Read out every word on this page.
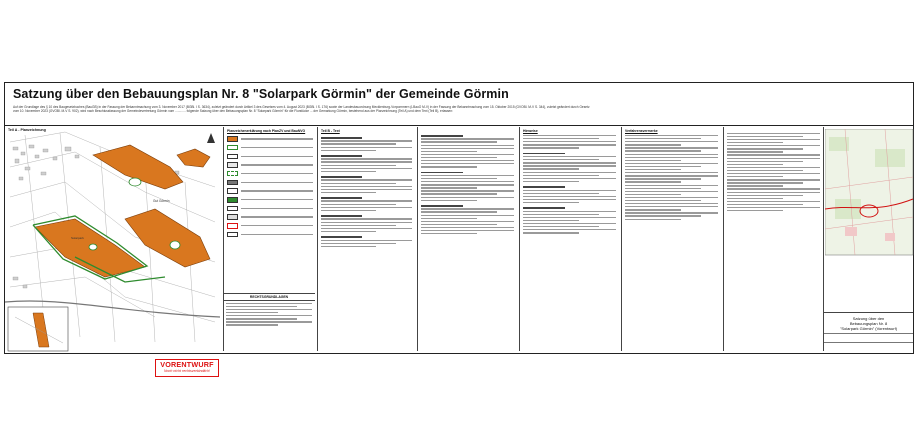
Satzung über den Bebauungsplan Nr. 8 "Solarpark Görmin" der Gemeinde Görmin
Auf der Grundlage des § 10 des Baugesetzbuches (BauGB) in der Fassung der Bekanntmachung vom 3. November 2017 (BGBl. I S. 3634), zuletzt geändert durch Artikel 3 des Gesetzes vom 4. August 2023 (BGBl. I S. 176) sowie der Landesbauordnung Mecklenburg-Vorpommern (LBauO M-V) in der Fassung der Bekanntmachung vom 15. Oktober 2015 (GVOBl. M-V S. 344), zuletzt geändert durch Gesetz vom 10. November 2023 (GVOBl. M-V S. 902), wird nach Beschlussfassung der Gemeindevertretung Görmin vom ............ folgende Satzung über den Bebauungsplan Nr. 8 "Solarpark Görmin" für die Flurstücke ... der Gemarkung Görmin, bestehend aus der Planzeichnung (Teil A) und dem Text (Teil B), erlassen:
Teil A - Planzeichnung
Gut Görmin
Solarpark
VORENTWURF
Noch nicht rechtsverbindlich!
Planzeichenerklärung nach PlanZV und BauNVO
RECHTSGRUNDLAGEN
Teil B - Text	Hinweise	Verfahrensvermerke
Satzung über den
Bebauungsplan Nr. 8
"Solarpark Görmin" (Vorentwurf)
